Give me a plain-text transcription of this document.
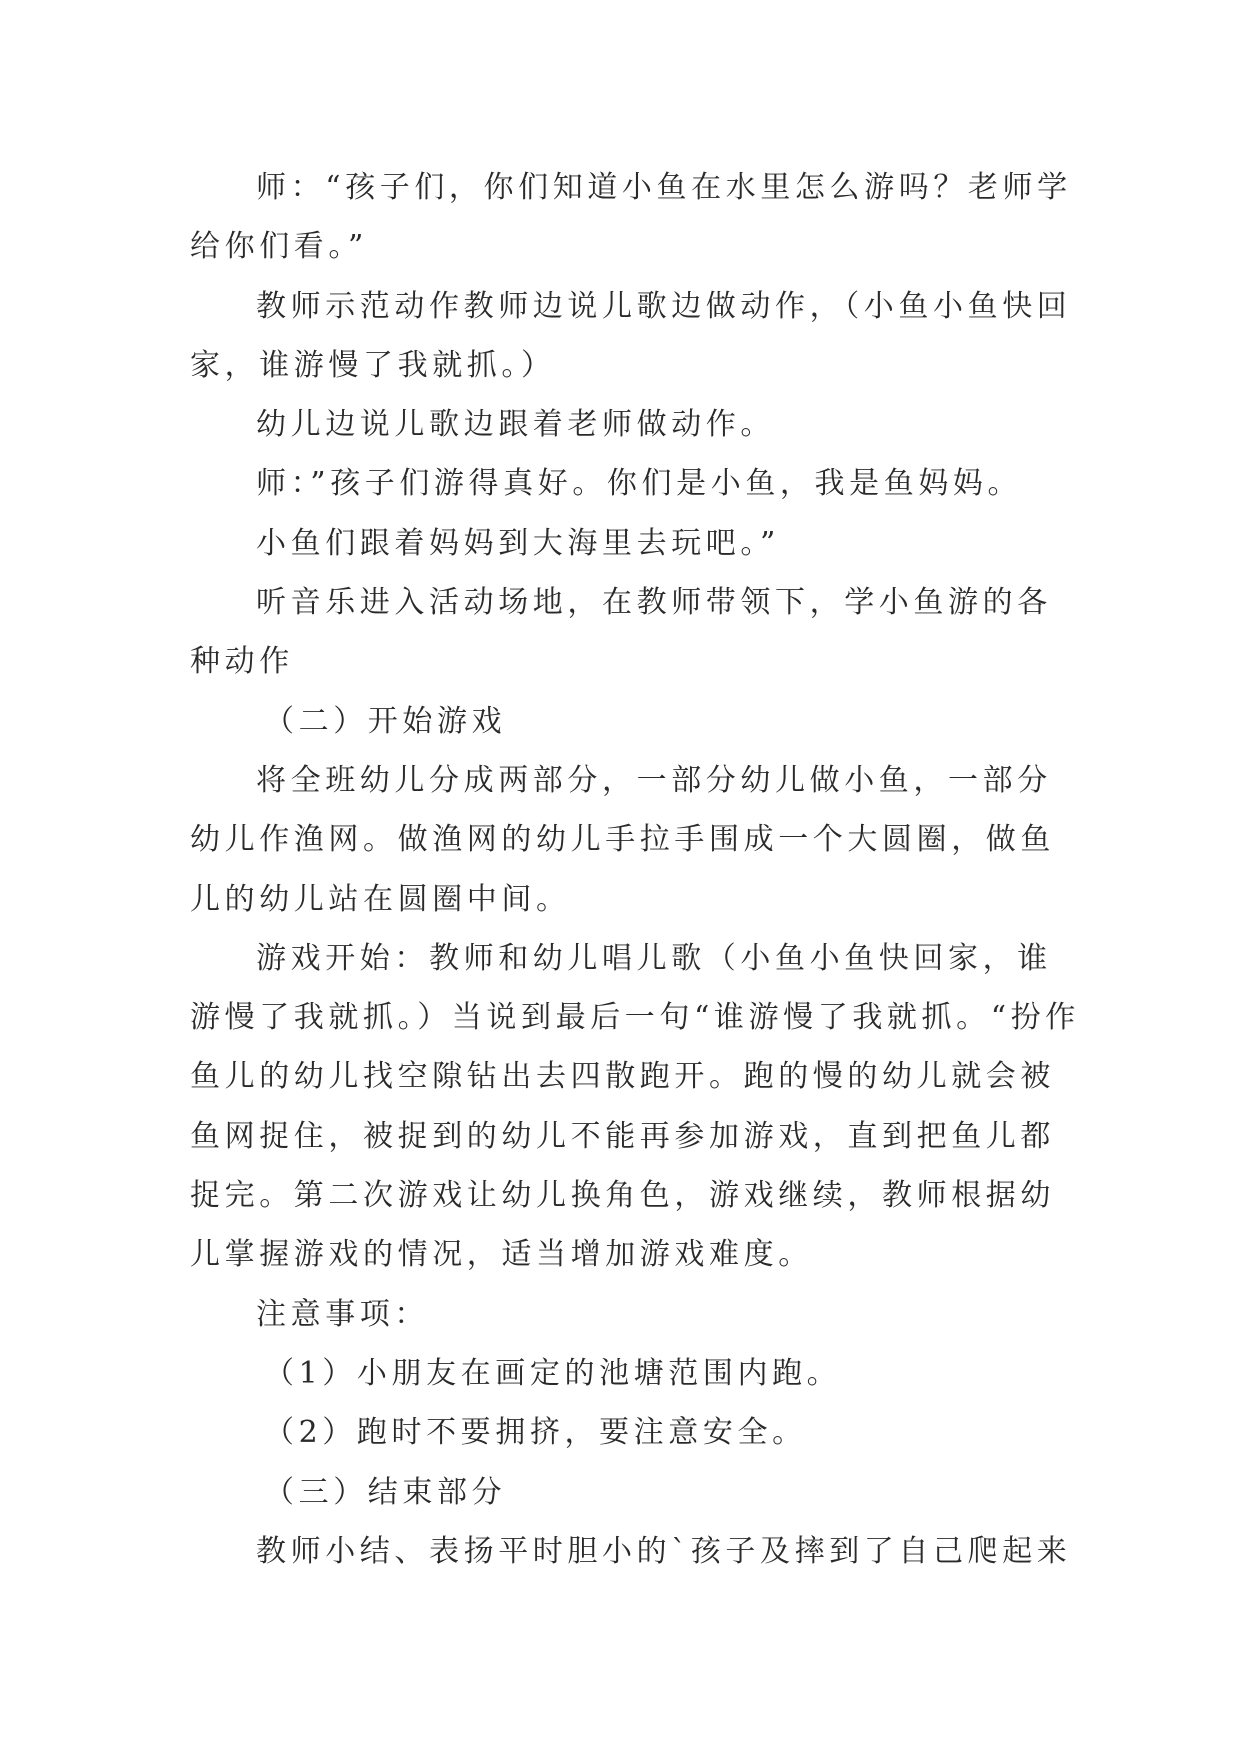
师：“孩子们，你们知道小鱼在水里怎么游吗？老师学给你们看。”

教师示范动作教师边说儿歌边做动作，（小鱼小鱼快回家，谁游慢了我就抓。）

幼儿边说儿歌边跟着老师做动作。

师：”孩子们游得真好。你们是小鱼，我是鱼妈妈。

小鱼们跟着妈妈到大海里去玩吧。”

听音乐进入活动场地，在教师带领下，学小鱼游的各种动作

（二）开始游戏

将全班幼儿分成两部分，一部分幼儿做小鱼，一部分幼儿作渔网。做渔网的幼儿手拉手围成一个大圆圈，做鱼儿的幼儿站在圆圈中间。

游戏开始：教师和幼儿唱儿歌（小鱼小鱼快回家，谁游慢了我就抓。）当说到最后一句“谁游慢了我就抓。“扮作鱼儿的幼儿找空隙钻出去四散跑开。跑的慢的幼儿就会被鱼网捉住，被捉到的幼儿不能再参加游戏，直到把鱼儿都捉完。第二次游戏让幼儿换角色，游戏继续，教师根据幼儿掌握游戏的情况，适当增加游戏难度。

注意事项：

（1）小朋友在画定的池塘范围内跑。

（2）跑时不要拥挤，要注意安全。

（三）结束部分

教师小结、表扬平时胆小的`孩子及摔到了自己爬起来
